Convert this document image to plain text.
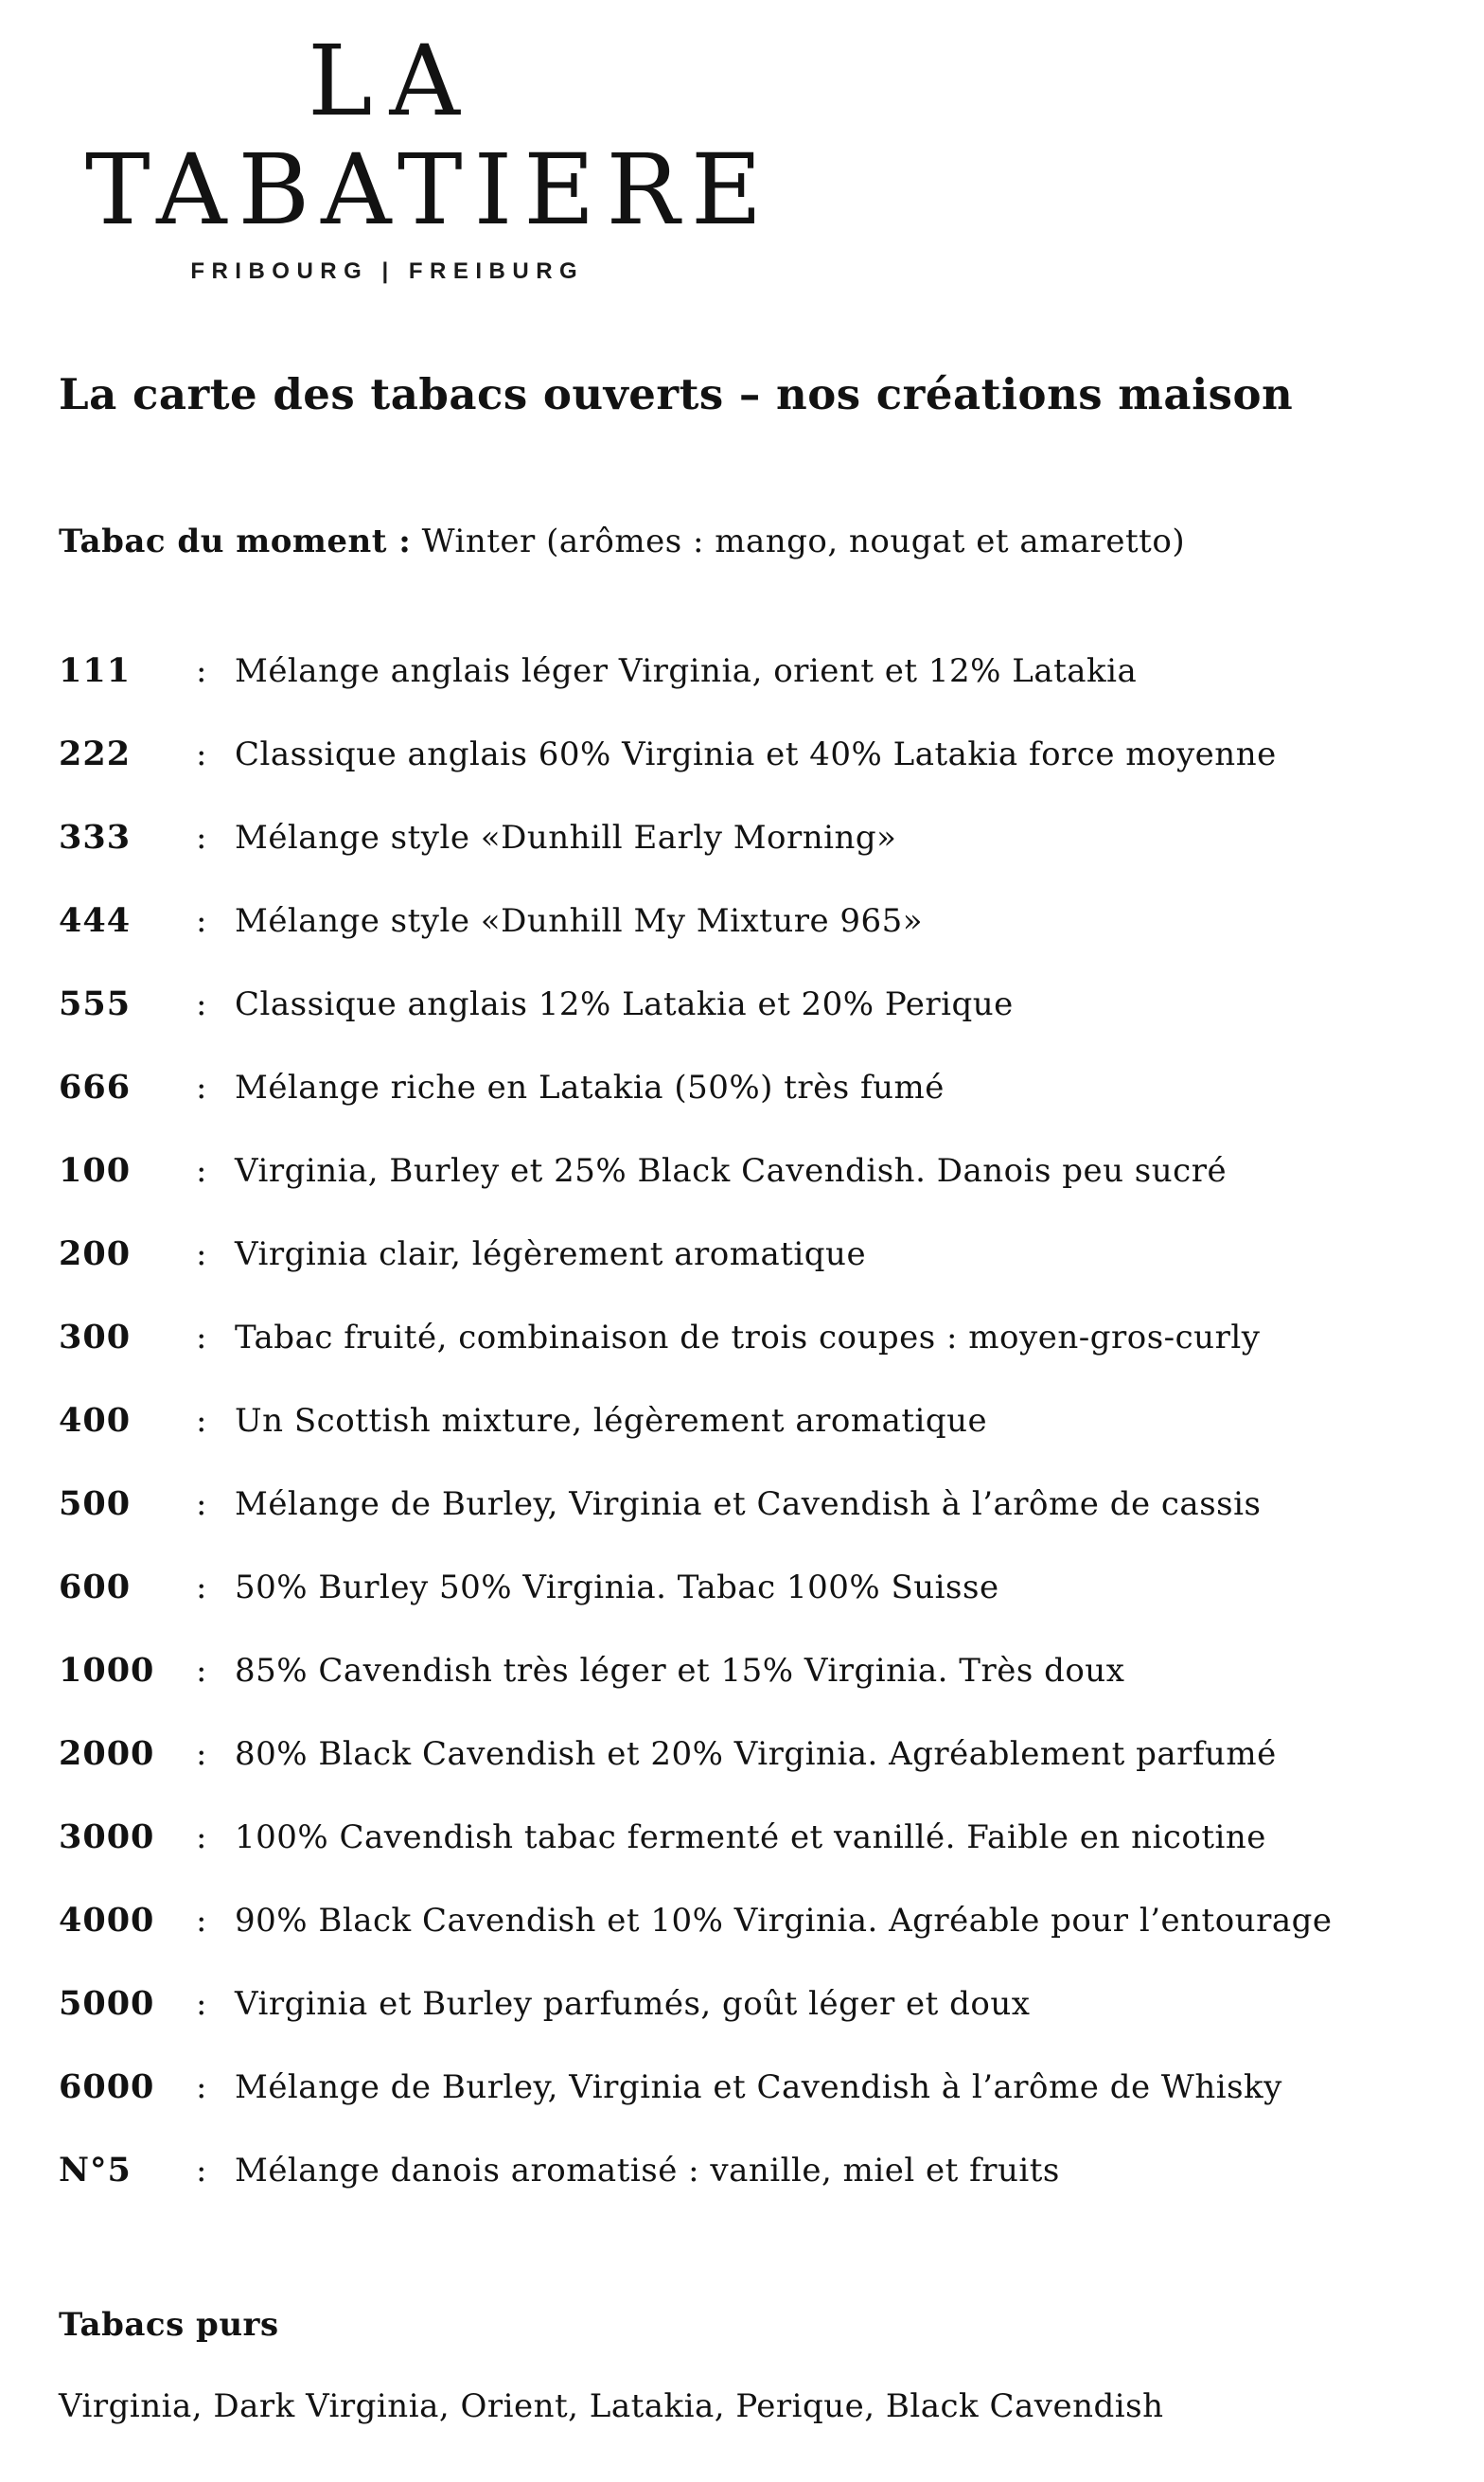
LA
TABATIERE
FRIBOURG | FREIBURG
La carte des tabacs ouverts – nos créations maison

Tabac du moment : Winter (arômes : mango, nougat et amaretto)

111	: Mélange anglais léger Virginia, orient et 12% Latakia
222	: Classique anglais 60% Virginia et 40% Latakia force moyenne
333	: Mélange style «Dunhill Early Morning»
444	: Mélange style «Dunhill My Mixture 965»
555	: Classique anglais 12% Latakia et 20% Perique
666	: Mélange riche en Latakia (50%) très fumé
100	: Virginia, Burley et 25% Black Cavendish. Danois peu sucré
200	: Virginia clair, légèrement aromatique
300	: Tabac fruité, combinaison de trois coupes : moyen-gros-curly
400	: Un Scottish mixture, légèrement aromatique
500	: Mélange de Burley, Virginia et Cavendish à l’arôme de cassis
600	: 50% Burley 50% Virginia. Tabac 100% Suisse
1000	: 85% Cavendish très léger et 15% Virginia. Très doux
2000	: 80% Black Cavendish et 20% Virginia. Agréablement parfumé
3000	: 100% Cavendish tabac fermenté et vanillé. Faible en nicotine
4000	: 90% Black Cavendish et 10% Virginia. Agréable pour l’entourage
5000	: Virginia et Burley parfumés, goût léger et doux
6000	: Mélange de Burley, Virginia et Cavendish à l’arôme de Whisky
N°5	: Mélange danois aromatisé : vanille, miel et fruits
Tabacs purs

Virginia, Dark Virginia, Orient, Latakia, Perique, Black Cavendish
